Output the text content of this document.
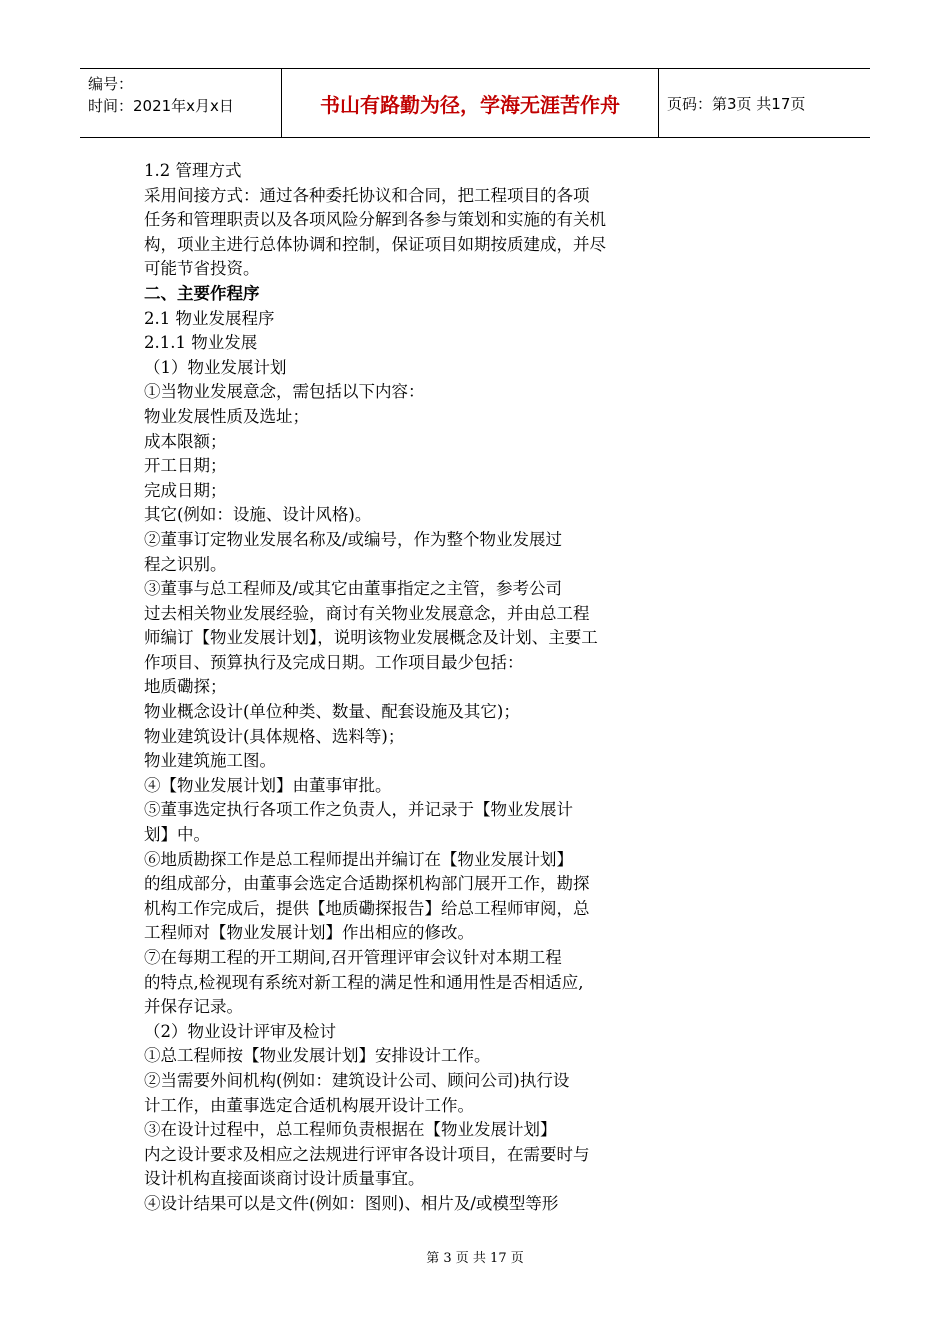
编号：
时间：2021年x月x日	书山有路勤为径，学海无涯苦作舟	页码：第3页 共17页

1.2 管理方式

采用间接方式：通过各种委托协议和合同，把工程项目的各项

任务和管理职责以及各项风险分解到各参与策划和实施的有关机

构，项业主进行总体协调和控制，保证项目如期按质建成，并尽

可能节省投资。

二、主要作程序

2.1 物业发展程序

2.1.1 物业发展

（1）物业发展计划

①当物业发展意念，需包括以下内容：

物业发展性质及选址；

成本限额；

开工日期；

完成日期；

其它(例如：设施、设计风格)。

②董事订定物业发展名称及/或编号，作为整个物业发展过

程之识别。

③董事与总工程师及/或其它由董事指定之主管，参考公司

过去相关物业发展经验，商讨有关物业发展意念，并由总工程

师编订【物业发展计划】，说明该物业发展概念及计划、主要工

作项目、预算执行及完成日期。工作项目最少包括：

地质磡探；

物业概念设计(单位种类、数量、配套设施及其它)；

物业建筑设计(具体规格、选料等)；

物业建筑施工图。

④【物业发展计划】由董事审批。

⑤董事选定执行各项工作之负责人，并记录于【物业发展计

划】中。

⑥地质勘探工作是总工程师提出并编订在【物业发展计划】

的组成部分，由董事会选定合适勘探机构部门展开工作，勘探

机构工作完成后，提供【地质磡探报告】给总工程师审阅，总

工程师对【物业发展计划】作出相应的修改。

⑦在每期工程的开工期间,召开管理评审会议针对本期工程

的特点,检视现有系统对新工程的满足性和通用性是否相适应,

并保存记录。

（2）物业设计评审及检讨

①总工程师按【物业发展计划】安排设计工作。

②当需要外间机构(例如：建筑设计公司、顾问公司)执行设

计工作，由董事选定合适机构展开设计工作。

③在设计过程中，总工程师负责根据在【物业发展计划】

内之设计要求及相应之法规进行评审各设计项目，在需要时与

设计机构直接面谈商讨设计质量事宜。

④设计结果可以是文件(例如：图则)、相片及/或模型等形

第 3 页 共 17 页
